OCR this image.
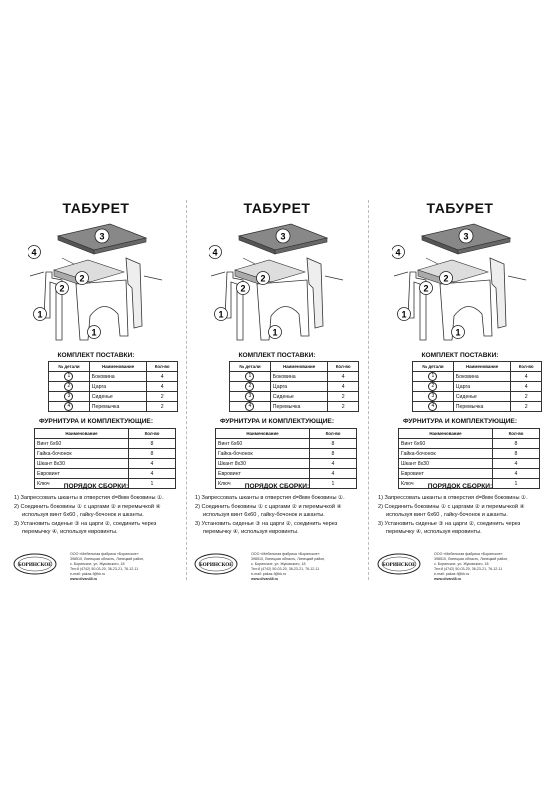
ТАБУРЕТ
3
4
2
2
1
1
КОМПЛЕКТ ПОСТАВКИ:
№ детали	Наименование	Кол-во
1	Боковина	4
2	Царга	4
3	Сиденье	2
4	Перемычка	2
ФУРНИТУРА И КОМПЛЕКТУЮЩИЕ:
Наименование	Кол-во
Винт 6х60	8
Гайка-бочонок	8
Шкант 8х30	4
Евровинт	4
Ключ	1
ПОРЯДОК СБОРКИ:
1) Запрессовать шканты в отверстия d=8мм боковины ①.
2) Соединить боковины ① с царгами ② и перемычкой ④
используя винт 6х60 , гайку-бочонок и шканты.
3) Установить сиденье ③ на царги ②, соединить через
перемычку ④, используя евровинты.
БОРИНСКОЕ
ООО «Мебельная фабрика «Боринское»
398510, Липецкая область, Липецкий район,
с. Боринское, ул. Жуковского, 18
Тел:8 (4742) 50-03-20, 36-23-21, 76-12-11
e-mail: pakaz-f@bk.ru
www.divan48.ru
ТАБУРЕТ
3
4
2
2
1
1
КОМПЛЕКТ ПОСТАВКИ:
№ детали	Наименование	Кол-во
1	Боковина	4
2	Царга	4
3	Сиденье	2
4	Перемычка	2
ФУРНИТУРА И КОМПЛЕКТУЮЩИЕ:
Наименование	Кол-во
Винт 6х60	8
Гайка-бочонок	8
Шкант 8х30	4
Евровинт	4
Ключ	1
ПОРЯДОК СБОРКИ:
1) Запрессовать шканты в отверстия d=8мм боковины ①.
2) Соединить боковины ① с царгами ② и перемычкой ④
используя винт 6х60 , гайку-бочонок и шканты.
3) Установить сиденье ③ на царги ②, соединить через
перемычку ④, используя евровинты.
БОРИНСКОЕ
ООО «Мебельная фабрика «Боринское»
398510, Липецкая область, Липецкий район,
с. Боринское, ул. Жуковского, 18
Тел:8 (4742) 50-03-20, 36-23-21, 76-12-11
e-mail: pakaz-f@bk.ru
www.divan48.ru
ТАБУРЕТ
3
4
2
2
1
1
КОМПЛЕКТ ПОСТАВКИ:
№ детали	Наименование	Кол-во
1	Боковина	4
2	Царга	4
3	Сиденье	2
4	Перемычка	2
ФУРНИТУРА И КОМПЛЕКТУЮЩИЕ:
Наименование	Кол-во
Винт 6х60	8
Гайка-бочонок	8
Шкант 8х30	4
Евровинт	4
Ключ	1
ПОРЯДОК СБОРКИ:
1) Запрессовать шканты в отверстия d=8мм боковины ①.
2) Соединить боковины ① с царгами ② и перемычкой ④
используя винт 6х60 , гайку-бочонок и шканты.
3) Установить сиденье ③ на царги ②, соединить через
перемычку ④, используя евровинты.
БОРИНСКОЕ
ООО «Мебельная фабрика «Боринское»
398510, Липецкая область, Липецкий район,
с. Боринское, ул. Жуковского, 18
Тел:8 (4742) 50-03-20, 36-23-21, 76-12-11
e-mail: pakaz-f@bk.ru
www.divan48.ru
